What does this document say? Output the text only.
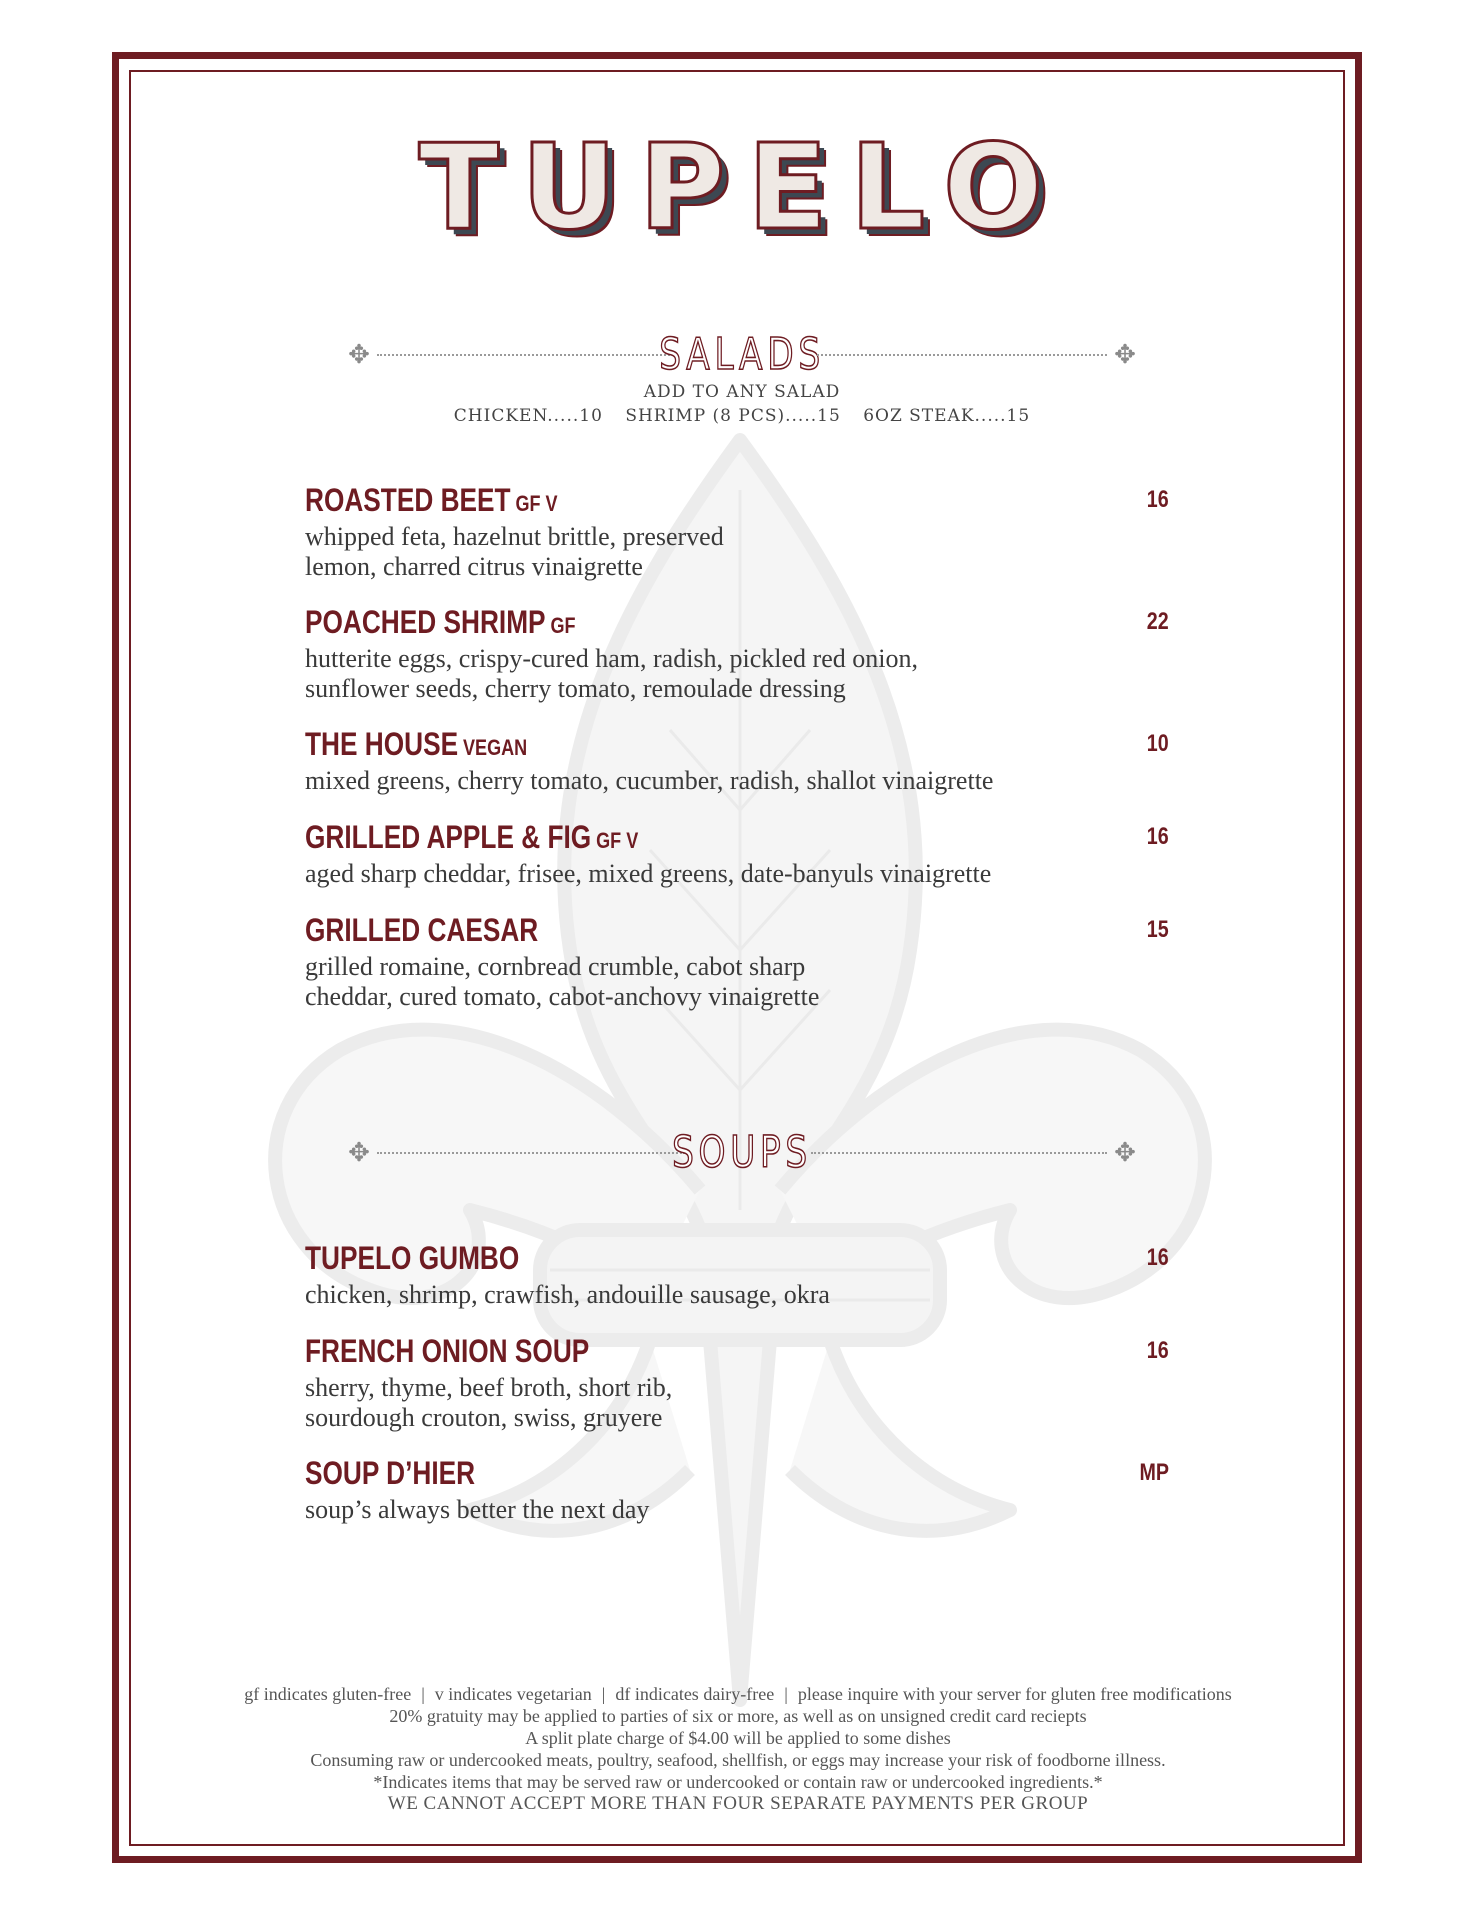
TUPELO
✥	SALADS	✥
ADD TO ANY SALAD
CHICKEN.....10 SHRIMP (8 PCS).....15 6OZ STEAK.....15
ROASTED BEET GF V	16
whipped feta, hazelnut brittle, preserved
lemon, charred citrus vinaigrette
POACHED SHRIMP GF	22
hutterite eggs, crispy-cured ham, radish, pickled red onion,
sunflower seeds, cherry tomato, remoulade dressing
THE HOUSE VEGAN	10
mixed greens, cherry tomato, cucumber, radish, shallot vinaigrette
GRILLED APPLE & FIG GF V	16
aged sharp cheddar, frisee, mixed greens, date-banyuls vinaigrette
GRILLED CAESAR	15
grilled romaine, cornbread crumble, cabot sharp
cheddar, cured tomato, cabot-anchovy vinaigrette
✥	SOUPS	✥
TUPELO GUMBO	16
chicken, shrimp, crawfish, andouille sausage, okra
FRENCH ONION SOUP	16
sherry, thyme, beef broth, short rib,
sourdough crouton, swiss, gruyere
SOUP D’HIER	MP
soup’s always better the next day
gf indicates gluten-free | v indicates vegetarian | df indicates dairy-free | please inquire with your server for gluten free modifications
20% gratuity may be applied to parties of six or more, as well as on unsigned credit card reciepts
A split plate charge of $4.00 will be applied to some dishes
Consuming raw or undercooked meats, poultry, seafood, shellfish, or eggs may increase your risk of foodborne illness.
*Indicates items that may be served raw or undercooked or contain raw or undercooked ingredients.*
WE CANNOT ACCEPT MORE THAN FOUR SEPARATE PAYMENTS PER GROUP
